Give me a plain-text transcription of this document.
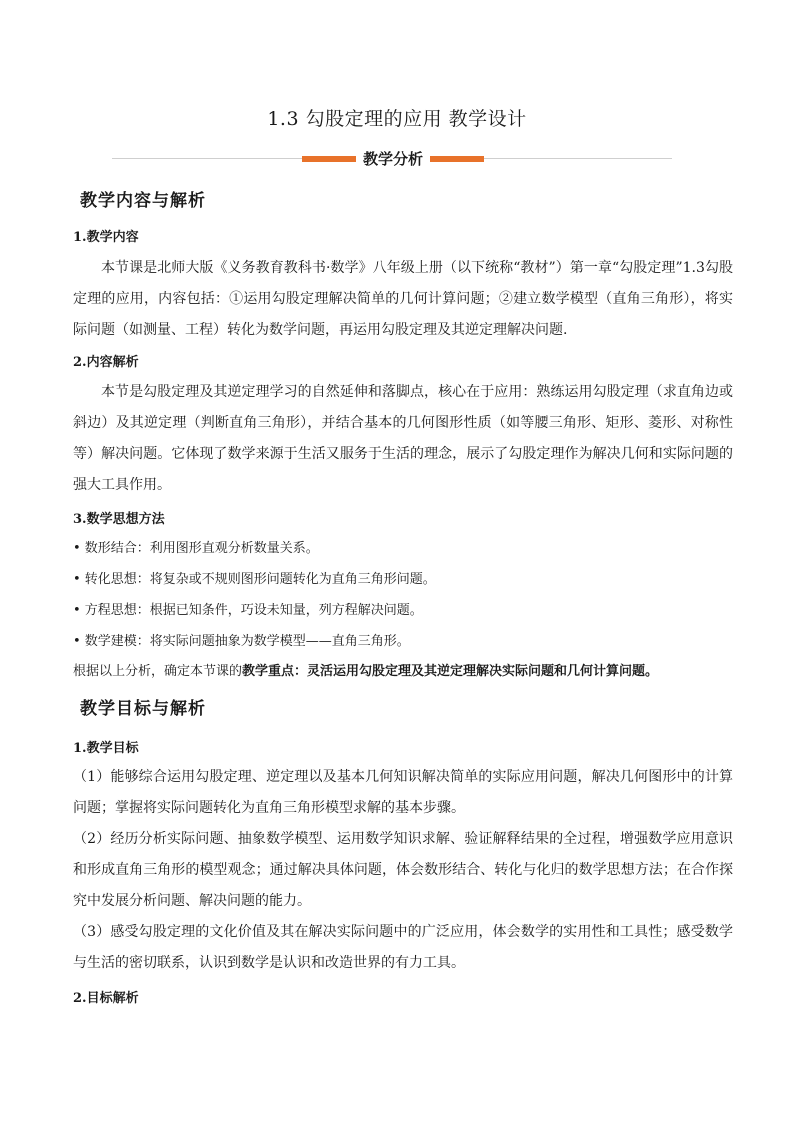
1.3 勾股定理的应用 教学设计
教学分析
教学内容与解析
1.教学内容
本节课是北师大版《义务教育教科书·数学》八年级上册（以下统称“教材”）第一章“勾股定理”1.3勾股定理的应用，内容包括：①运用勾股定理解决简单的几何计算问题；②建立数学模型（直角三角形），将实际问题（如测量、工程）转化为数学问题，再运用勾股定理及其逆定理解决问题.
2.内容解析
本节是勾股定理及其逆定理学习的自然延伸和落脚点，核心在于应用：熟练运用勾股定理（求直角边或斜边）及其逆定理（判断直角三角形），并结合基本的几何图形性质（如等腰三角形、矩形、菱形、对称性等）解决问题。它体现了数学来源于生活又服务于生活的理念，展示了勾股定理作为解决几何和实际问题的强大工具作用。
3.数学思想方法
• 数形结合：利用图形直观分析数量关系。
• 转化思想：将复杂或不规则图形问题转化为直角三角形问题。
• 方程思想：根据已知条件，巧设未知量，列方程解决问题。
• 数学建模：将实际问题抽象为数学模型——直角三角形。
根据以上分析，确定本节课的教学重点：灵活运用勾股定理及其逆定理解决实际问题和几何计算问题。
教学目标与解析
1.教学目标
（1）能够综合运用勾股定理、逆定理以及基本几何知识解决简单的实际应用问题，解决几何图形中的计算问题；掌握将实际问题转化为直角三角形模型求解的基本步骤。
（2）经历分析实际问题、抽象数学模型、运用数学知识求解、验证解释结果的全过程，增强数学应用意识和形成直角三角形的模型观念；通过解决具体问题，体会数形结合、转化与化归的数学思想方法；在合作探究中发展分析问题、解决问题的能力。
（3）感受勾股定理的文化价值及其在解决实际问题中的广泛应用，体会数学的实用性和工具性；感受数学与生活的密切联系，认识到数学是认识和改造世界的有力工具。
2.目标解析
